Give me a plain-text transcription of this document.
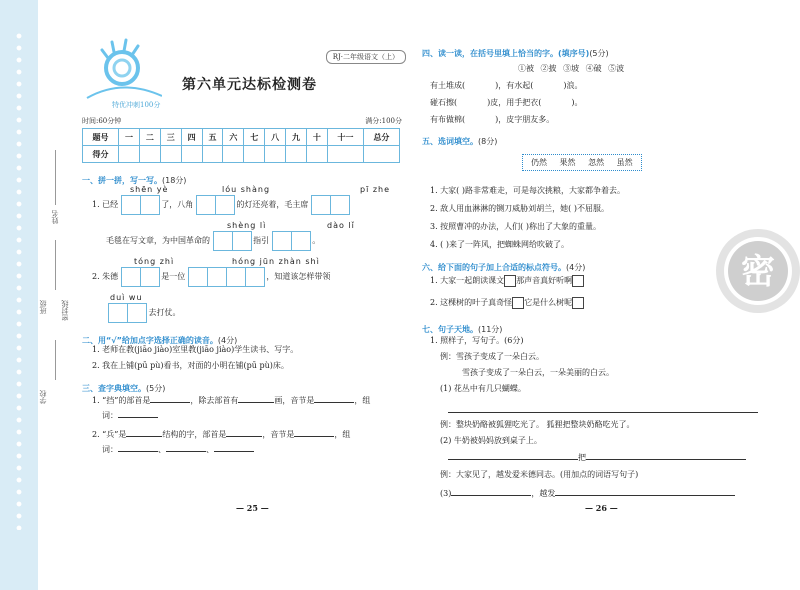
姓名
班级 密封线
学校
RJ·二年级语文（上）
第六单元达标检测卷
特优冲刺100分
时间:60分钟	满分:100分
题号	一	二	三	四	五	六	七	八	九	十	十一	总分
得分												
一、拼一拼，写一写。(18分)
shēn yè	lóu shàng	pī zhe
1. 已经	了，八角	的灯还亮着，毛主席
shèng lì	dào lǐ
毛毯在写文章，为中国革命的	指引	。
tóng zhì	hóng jūn zhàn shì
2. 朱德	是一位	，知道该怎样带领
duì wu
去打仗。
二、用“√”给加点字选择正确的读音。(4分)
1. 老师在教(jiāo jiào)室里教(jiāo jiào)学生读书、写字。
2. 我在上铺(pū pù)看书，对面的小明在铺(pū pù)床。
三、查字典填空。(5分)
1. “挡”的部首是	，除去部首有	画，音节是	，组
词：
2. “兵”是	结构的字，部首是	，音节是	，组
词：	、	、
— 25 —
四、读一读，在括号里填上恰当的字。(填序号)(5分)
①被 ②披 ③坡 ④破 ⑤波
有土堆成(	)，有水起(	)浪。
碰石擦(	)皮，用手把衣(	)。
有布做棉(	)，皮字朋友多。
五、选词填空。(8分)
仍然 果然 忽然 虽然
1. 大家( )路非常难走，可是每次挑粮，大家都争着去。
2. 敌人用血淋淋的铡刀威胁刘胡兰，她( )不屈服。
3. 按照曹冲的办法，人们( )称出了大象的重量。
4. ( )来了一阵风，把蜘蛛网给吹破了。
六、给下面的句子加上合适的标点符号。(4分)
1. 大家一起朗读课文 那声音真好听啊
2. 这棵树的叶子真奇怪 它是什么树呢
七、句子天地。(11分)
1. 照样子，写句子。(6分)
例：雪孩子变成了一朵白云。
雪孩子变成了一朵白云，一朵美丽的白云。
(1) 花丛中有几只蝴蝶。
例：整块奶酪被狐狸吃光了。 狐狸把整块奶酪吃光了。
(2) 牛奶被妈妈放到桌子上。
把
例：大家见了，越发爱米德同志。(用加点的词语写句子)
(3)	，越发
— 26 —
密
